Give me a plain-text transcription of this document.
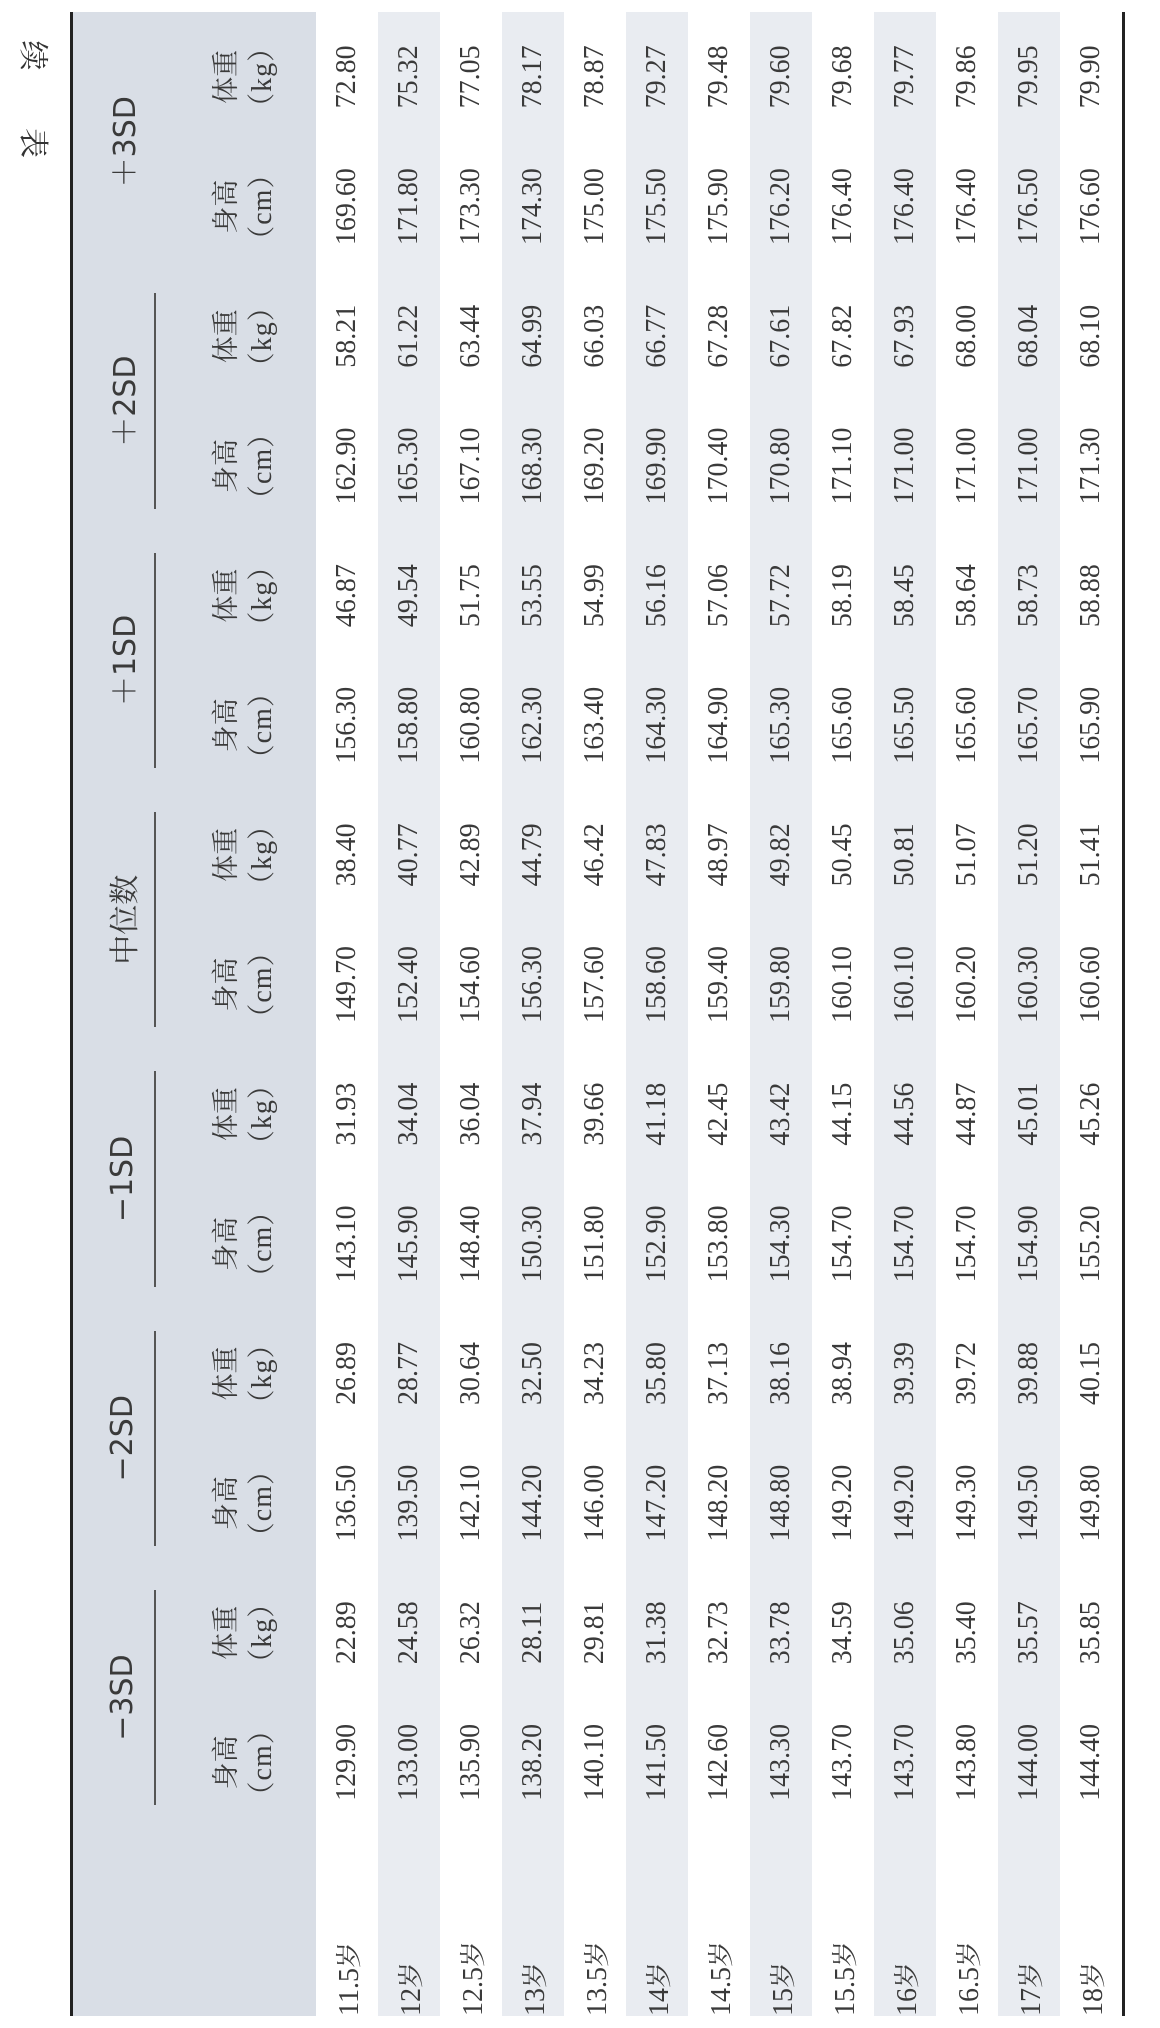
续 表
	−3SD		−2SD		−1SD		中位数		＋1SD		＋2SD		＋3SD	

	身高 （cm）	体重 （kg）	身高 （cm）	体重 （kg）	身高 （cm）	体重 （kg）	身高 （cm）	体重 （kg）	身高 （cm）	体重 （kg）	身高 （cm）	体重 （kg）	身高 （cm）	体重 （kg）

11.5岁	129.90	22.89	136.50	26.89	143.10	31.93	149.70	38.40	156.30	46.87	162.90	58.21	169.60	72.80
12岁	133.00	24.58	139.50	28.77	145.90	34.04	152.40	40.77	158.80	49.54	165.30	61.22	171.80	75.32
12.5岁	135.90	26.32	142.10	30.64	148.40	36.04	154.60	42.89	160.80	51.75	167.10	63.44	173.30	77.05
13岁	138.20	28.11	144.20	32.50	150.30	37.94	156.30	44.79	162.30	53.55	168.30	64.99	174.30	78.17
13.5岁	140.10	29.81	146.00	34.23	151.80	39.66	157.60	46.42	163.40	54.99	169.20	66.03	175.00	78.87
14岁	141.50	31.38	147.20	35.80	152.90	41.18	158.60	47.83	164.30	56.16	169.90	66.77	175.50	79.27
14.5岁	142.60	32.73	148.20	37.13	153.80	42.45	159.40	48.97	164.90	57.06	170.40	67.28	175.90	79.48
15岁	143.30	33.78	148.80	38.16	154.30	43.42	159.80	49.82	165.30	57.72	170.80	67.61	176.20	79.60
15.5岁	143.70	34.59	149.20	38.94	154.70	44.15	160.10	50.45	165.60	58.19	171.10	67.82	176.40	79.68
16岁	143.70	35.06	149.20	39.39	154.70	44.56	160.10	50.81	165.50	58.45	171.00	67.93	176.40	79.77
16.5岁	143.80	35.40	149.30	39.72	154.70	44.87	160.20	51.07	165.60	58.64	171.00	68.00	176.40	79.86
17岁	144.00	35.57	149.50	39.88	154.90	45.01	160.30	51.20	165.70	58.73	171.00	68.04	176.50	79.95
18岁	144.40	35.85	149.80	40.15	155.20	45.26	160.60	51.41	165.90	58.88	171.30	68.10	176.60	79.90
